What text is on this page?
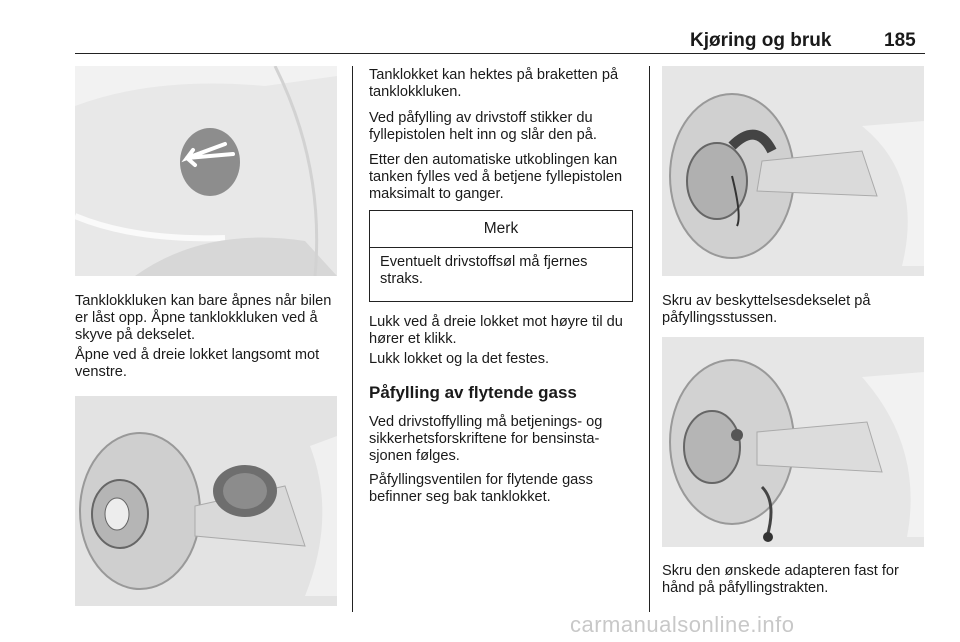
Kjøring og bruk	185

Tanklokkluken kan bare åpnes når bilen er låst opp. Åpne tanklokkluken ved å skyve på dekselet.

Åpne ved å dreie lokket langsomt mot venstre.

Tanklokket kan hektes på braketten på tanklokkluken.

Ved påfylling av drivstoff stikker du fyllepistolen helt inn og slår den på.

Etter den automatiske utkoblingen kan tanken fylles ved å betjene fyllepistolen maksimalt to ganger.

Merk
Eventuelt drivstoffsøl må fjernes straks.

Lukk ved å dreie lokket mot høyre til du hører et klikk.

Lukk lokket og la det festes.

Påfylling av flytende gass

Ved drivstoffylling må betjenings- og sikkerhetsforskriftene for bensinstasjonen følges.

Påfyllingsventilen for flytende gass befinner seg bak tanklokket.

Skru av beskyttelsesdekselet på påfyllingsstussen.

Skru den ønskede adapteren fast for hånd på påfyllingstrakten.

carmanualsonline.info
